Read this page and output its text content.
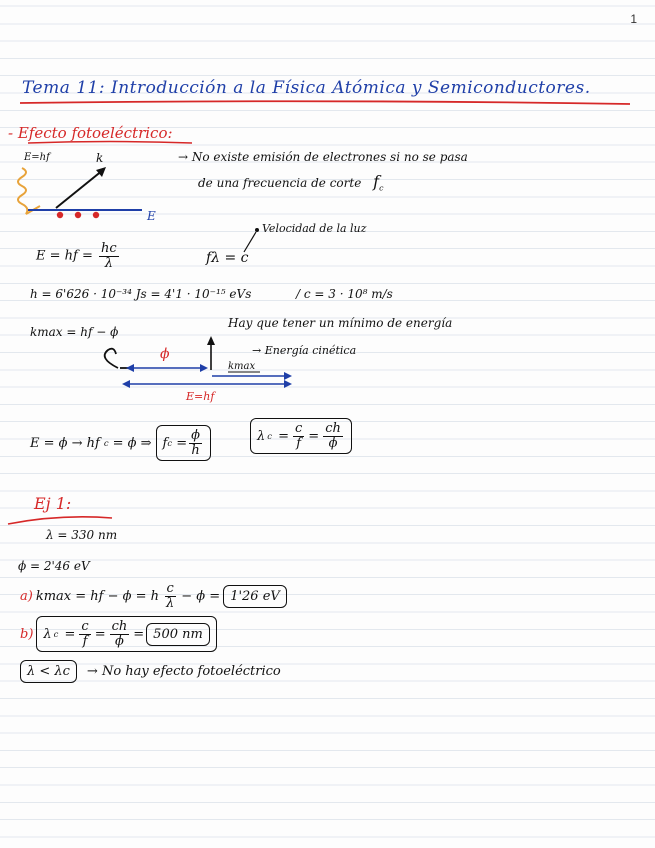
1
Tema 11: Introducción a la Física Atómica y Semiconductores.
- Efecto fotoeléctrico:
E=hf	k
E
→ No existe emisión de electrones si no se pasa
de una frecuencia de corte $f_c$
E = hf = $\frac{hc}{\lambda}$	fλ = c
Velocidad de la luz
h = 6'626 · 10⁻³⁴ Js = 4'1 · 10⁻¹⁵ eVs	/ c = 3 · 10⁸ m/s
kmax = hf − ϕ
Hay que tener un mínimo de energía
→ Energía cinética
ϕ
kmax
E=hf
E = ϕ → hf c = ϕ ⇒ f $c = \frac{\phi}{h}$	λ $c = \frac{c}{f} = \frac{ch}{\phi}$
Ej 1:
λ = 330 nm
ϕ = 2'46 eV
a) kmax = hf − ϕ = h $\frac{c}{\lambda} - \phi = 1'26$ eV
b) λ $c = \frac{c}{f} = \frac{ch}{\phi} = 500$ nm
λ < λc	→ No hay efecto fotoeléctrico
